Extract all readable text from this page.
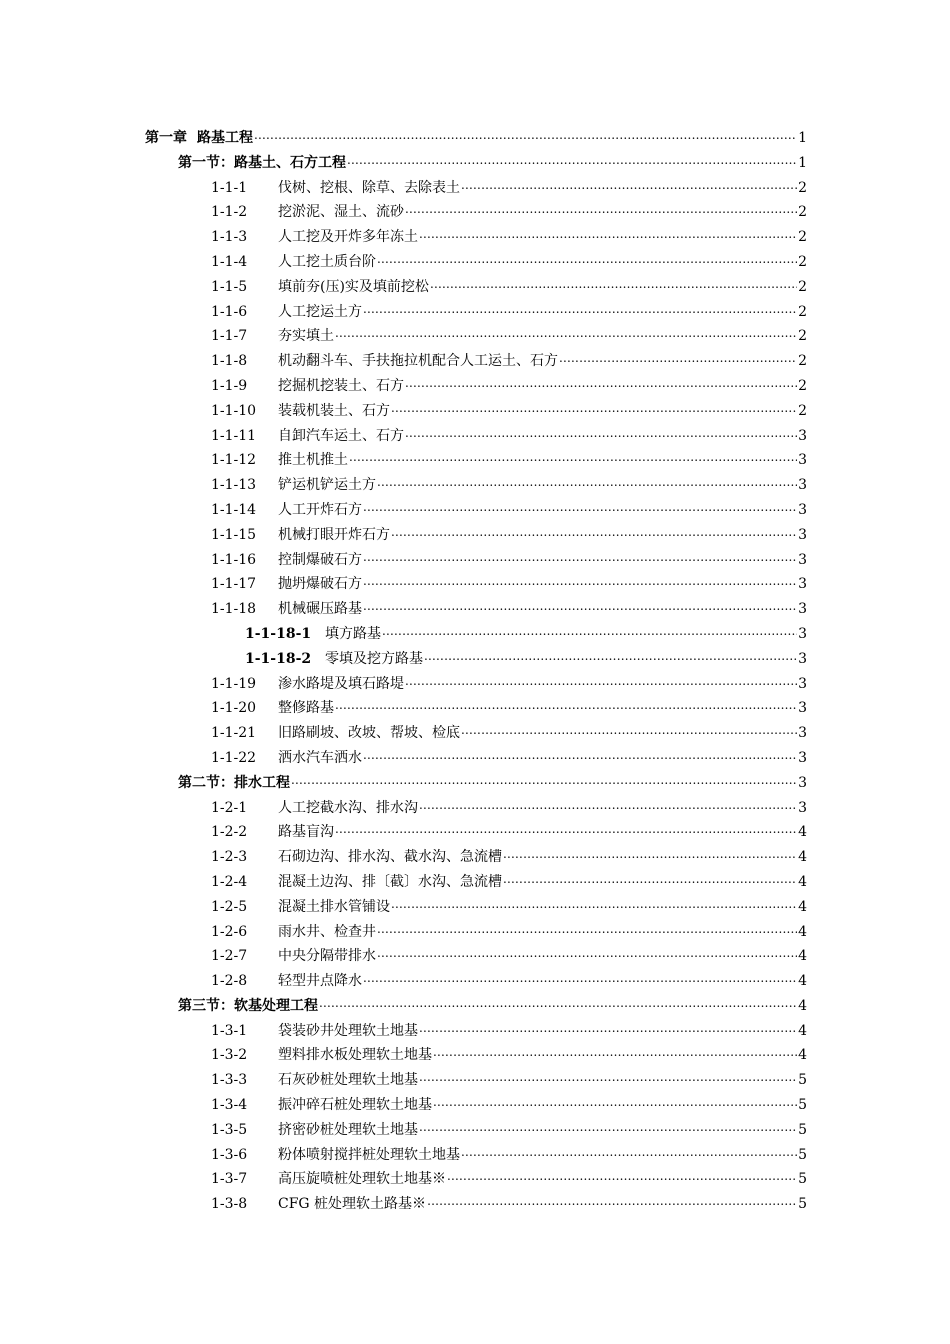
第一章 路基工程 .....	1
第一节： 路基土、石方工程 .....	1
1-1-1	伐树、挖根、除草、去除表土 .....	2
1-1-2	挖淤泥、湿土、流砂 .....	2
1-1-3	人工挖及开炸多年冻土 .....	2
1-1-4	人工挖土质台阶 .....	2
1-1-5	填前夯(压)实及填前挖松 .....	2
1-1-6	人工挖运土方 .....	2
1-1-7	夯实填土 .....	2
1-1-8	机动翻斗车、手扶拖拉机配合人工运土、石方 .....	2
1-1-9	挖掘机挖装土、石方 .....	2
1-1-10	装载机装土、石方 .....	2
1-1-11	自卸汽车运土、石方 .....	3
1-1-12	推土机推土 .....	3
1-1-13	铲运机铲运土方 .....	3
1-1-14	人工开炸石方 .....	3
1-1-15	机械打眼开炸石方 .....	3
1-1-16	控制爆破石方 .....	3
1-1-17	抛坍爆破石方 .....	3
1-1-18	机械碾压路基 .....	3
1-1-18-1 填方路基 .....	3
1-1-18-2 零填及挖方路基 .....	3
1-1-19	渗水路堤及填石路堤 .....	3
1-1-20	整修路基 .....	3
1-1-21	旧路刷坡、改坡、帮坡、检底 .....	3
1-1-22	洒水汽车洒水 .....	3
第二节： 排水工程 .....	3
1-2-1	人工挖截水沟、排水沟 .....	3
1-2-2	路基盲沟 .....	4
1-2-3	石砌边沟、排水沟、截水沟、急流槽 .....	4
1-2-4	混凝土边沟、排〔截〕水沟、急流槽 .....	4
1-2-5	混凝土排水管铺设 .....	4
1-2-6	雨水井、检查井 .....	4
1-2-7	中央分隔带排水 .....	4
1-2-8	轻型井点降水 .....	4
第三节： 软基处理工程 .....	4
1-3-1	袋装砂井处理软土地基 .....	4
1-3-2	塑料排水板处理软土地基 .....	4
1-3-3	石灰砂桩处理软土地基 .....	5
1-3-4	振冲碎石桩处理软土地基 .....	5
1-3-5	挤密砂桩处理软土地基 .....	5
1-3-6	粉体喷射搅拌桩处理软土地基 .....	5
1-3-7	高压旋喷桩处理软土地基※ .....	5
1-3-8	CFG 桩处理软土路基※ .....	5
